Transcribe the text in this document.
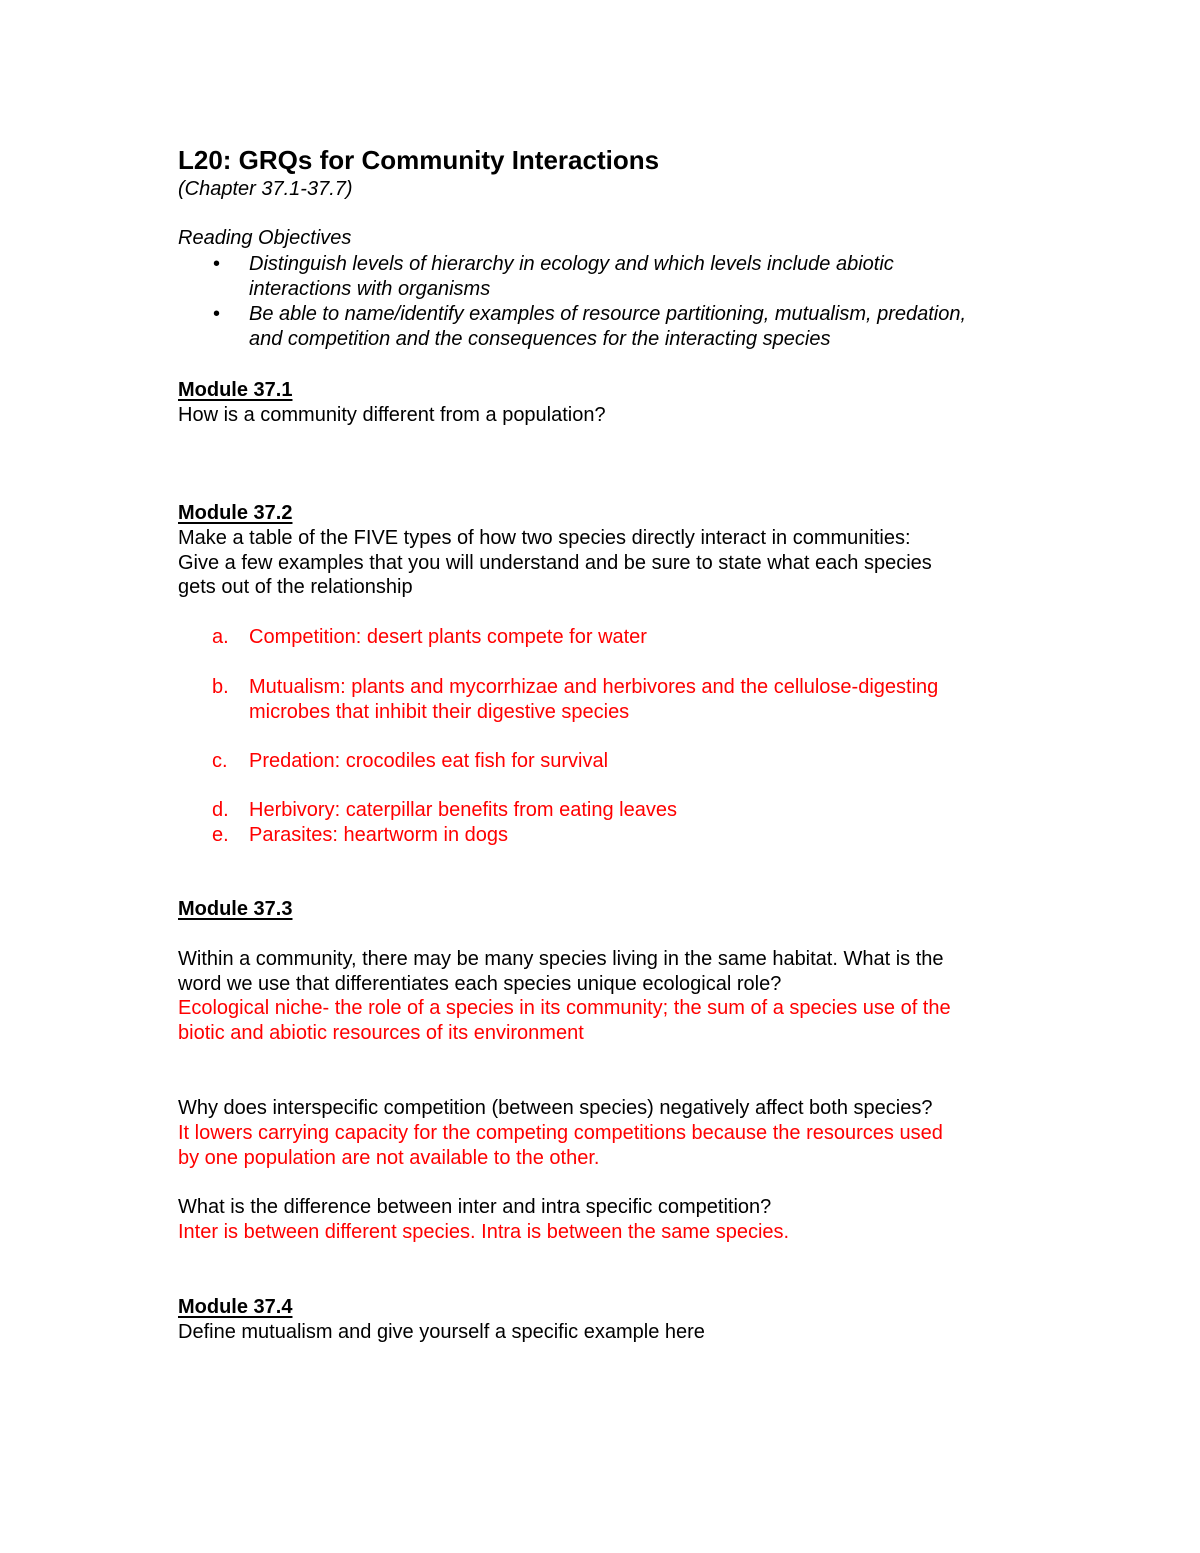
L20: GRQs for Community Interactions
(Chapter 37.1-37.7)
Reading Objectives
• Distinguish levels of hierarchy in ecology and which levels include abiotic
interactions with organisms
• Be able to name/identify examples of resource partitioning, mutualism, predation,
and competition and the consequences for the interacting species
Module 37.1
How is a community different from a population?
Module 37.2
Make a table of the FIVE types of how two species directly interact in communities:
Give a few examples that you will understand and be sure to state what each species
gets out of the relationship
a. Competition: desert plants compete for water
b. Mutualism: plants and mycorrhizae and herbivores and the cellulose-digesting
microbes that inhibit their digestive species
c. Predation: crocodiles eat fish for survival
d. Herbivory: caterpillar benefits from eating leaves
e. Parasites: heartworm in dogs
Module 37.3
Within a community, there may be many species living in the same habitat. What is the
word we use that differentiates each species unique ecological role?
Ecological niche- the role of a species in its community; the sum of a species use of the
biotic and abiotic resources of its environment
Why does interspecific competition (between species) negatively affect both species?
It lowers carrying capacity for the competing competitions because the resources used
by one population are not available to the other.
What is the difference between inter and intra specific competition?
Inter is between different species. Intra is between the same species.
Module 37.4
Define mutualism and give yourself a specific example here
